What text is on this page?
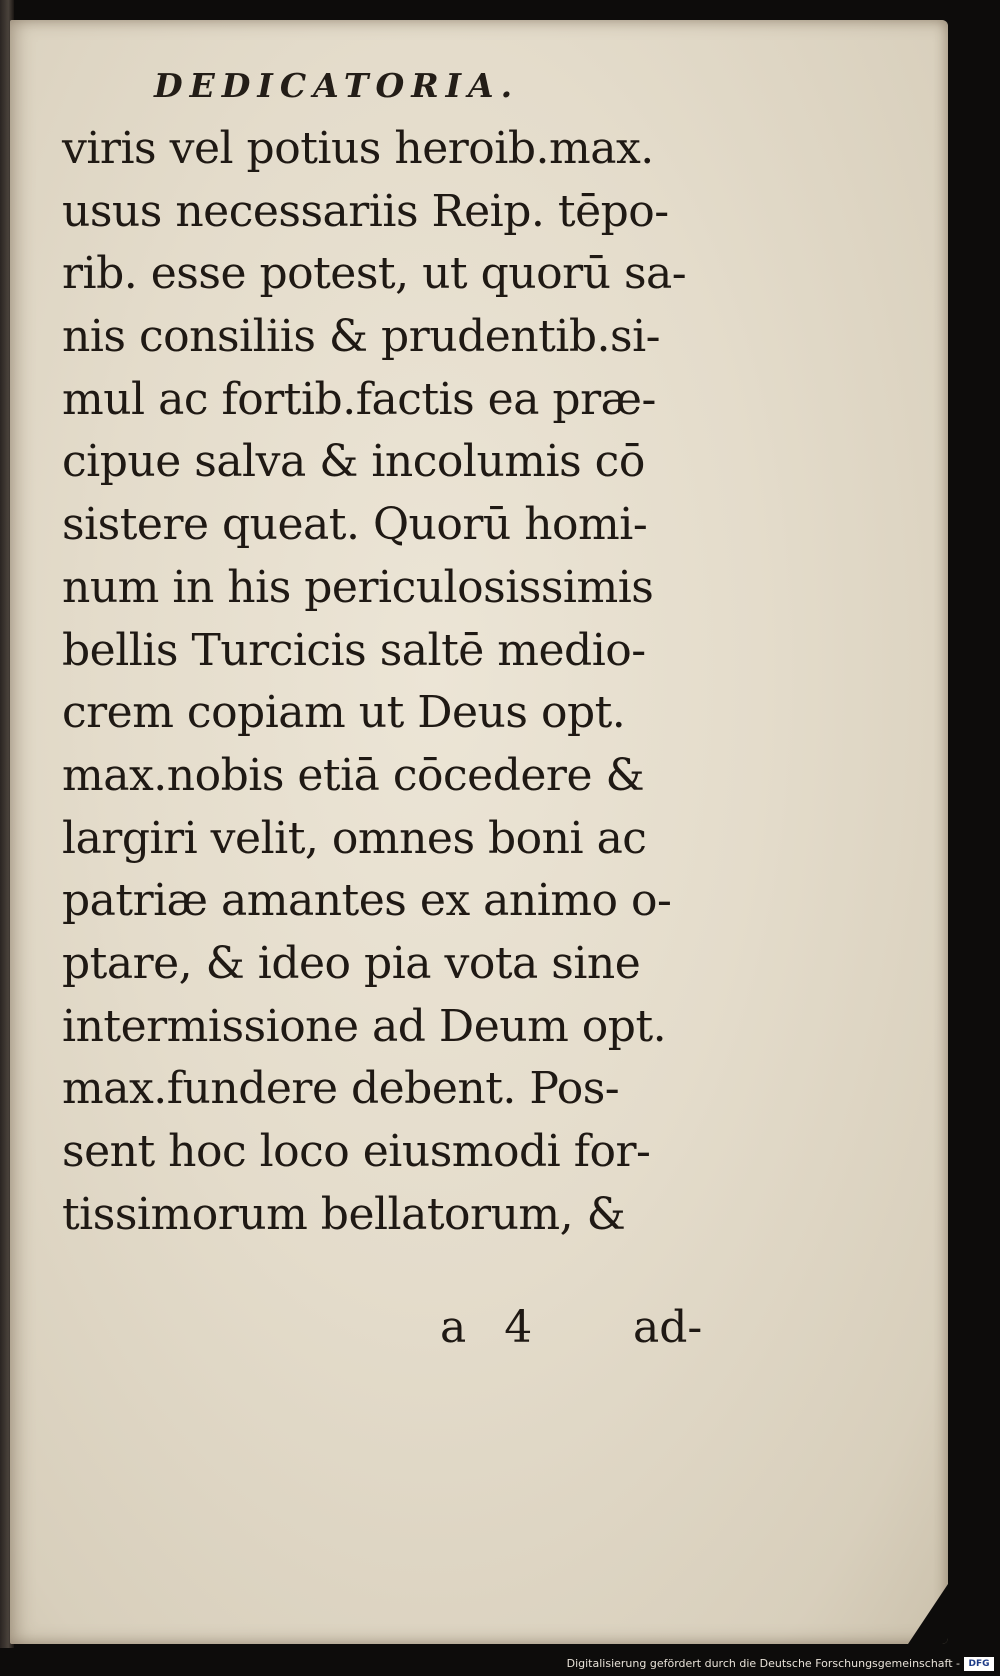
DEDICATORIA.
viris vel potius heroib.max.
usus necessariis Reip. tēpo-
rib. esse potest, ut quorū sa-
nis consiliis & prudentib.si-
mul ac fortib.factis ea præ-
cipue salva & incolumis cō
sistere queat. Quorū homi-
num in his periculosissimis
bellis Turcicis saltē medio-
crem copiam ut Deus opt.
max.nobis etiā cōcedere &
largiri velit, omnes boni ac
patriæ amantes ex animo o-
ptare, & ideo pia vota sine
intermissione ad Deum opt.
max.fundere debent. Pos-
sent hoc loco eiusmodi for-
tissimorum bellatorum, &
a 4 ad-
Digitalisierung gefördert durch die Deutsche Forschungsgemeinschaft - DFG
